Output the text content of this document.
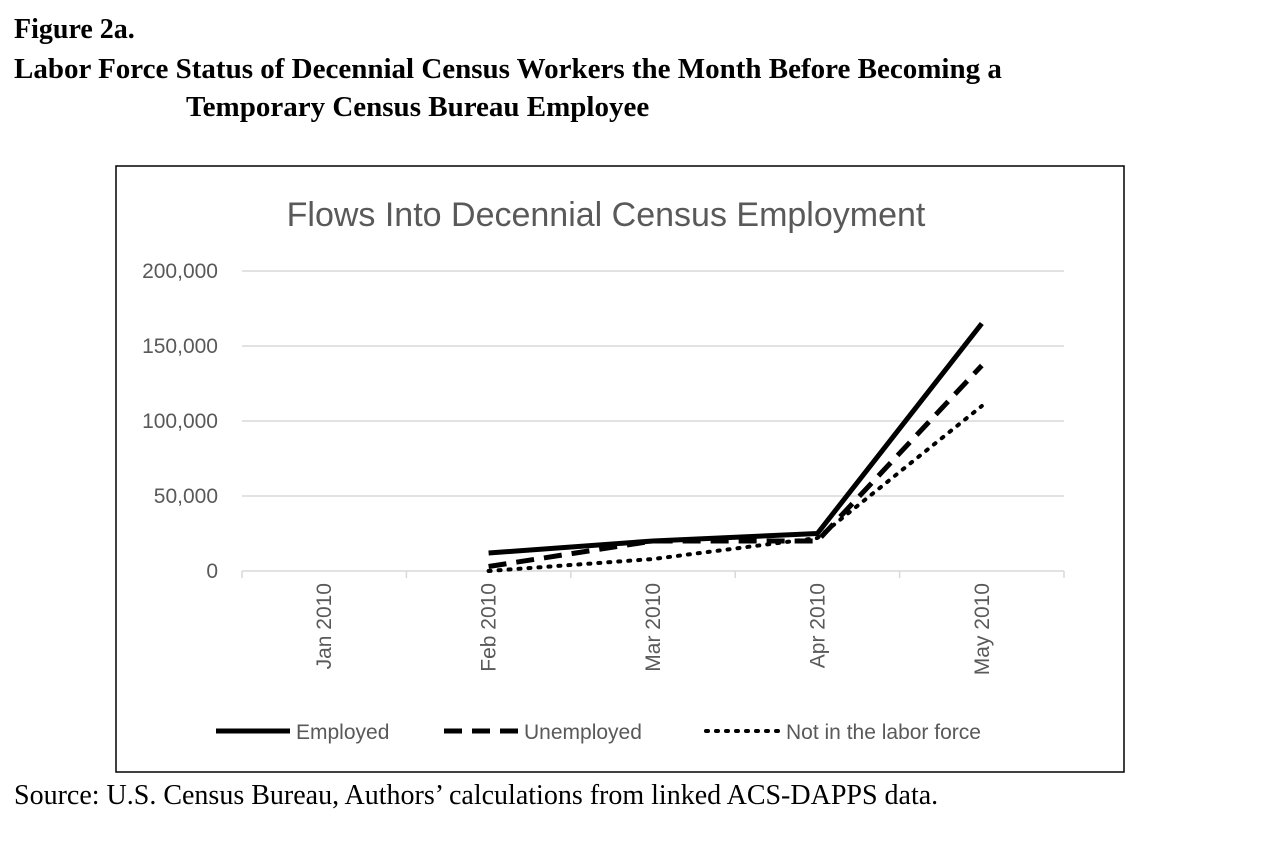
Figure 2a.
Labor Force Status of Decennial Census Workers the Month Before Becoming a
Temporary Census Bureau Employee
Flows Into Decennial Census Employment
0
50,000
100,000
150,000
200,000
Jan 2010	Feb 2010	Mar 2010	Apr 2010	May 2010
Employed	Unemployed	Not in the labor force
Source: U.S. Census Bureau, Authors’ calculations from linked ACS-DAPPS data.
